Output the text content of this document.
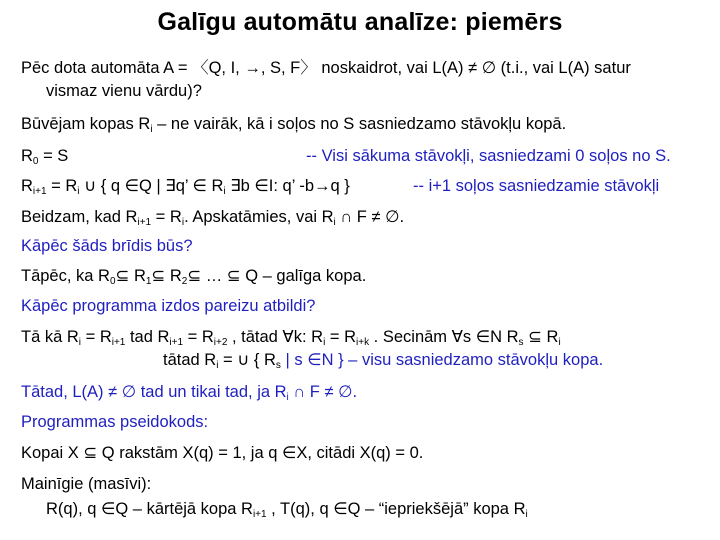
Galīgu automātu analīze: piemērs
Pēc dota automāta A = 〈Q, I, →, S, F〉 noskaidrot, vai L(A) ≠ ∅ (t.i., vai L(A) satur
vismaz vienu vārdu)?
Būvējam kopas $R_i$ – ne vairāk, kā i soļos no S sasniedzamo stāvokļu kopā.
$R_0 = S$	-- Visi sākuma stāvokļi, sasniedzami 0 soļos no S.
$R_{i+1} = R_i$ ∪ { q ∈Q | ∃q’ ∈ $R_i$ ∃b ∈I: q’ -b→q }	-- i+1 soļos sasniedzamie stāvokļi
Beidzam, kad $R_{i+1} = R_i$. Apskatāmies, vai $R_i$ ∩ F ≠ ∅.
Kāpēc šāds brīdis būs?
Tāpēc, ka $R_0⊆$ $R_1⊆$ $R_2⊆$ … ⊆ Q – galīga kopa.
Kāpēc programma izdos pareizu atbildi?
Tā kā $R_i = R_{i+1}$ tad $R_{i+1} = R_{i+2}$ , tātad ∀k: $R_i = R_{i+k}$ . Secinām ∀s ∈N $R_s$ ⊆ $R_i$
tātad $R_i$ = ∪ { $R_s$ | s ∈N } – visu sasniedzamo stāvokļu kopa.
Tātad, L(A) ≠ ∅ tad un tikai tad, ja $R_i$ ∩ F ≠ ∅.
Programmas pseidokods:
Kopai X ⊆ Q rakstām X(q) = 1, ja q ∈X, citādi X(q) = 0.
Mainīgie (masīvi):
R(q), q ∈Q – kārtējā kopa $R_{i+1}$ , T(q), q ∈Q – “iepriekšējā” kopa $R_i$
